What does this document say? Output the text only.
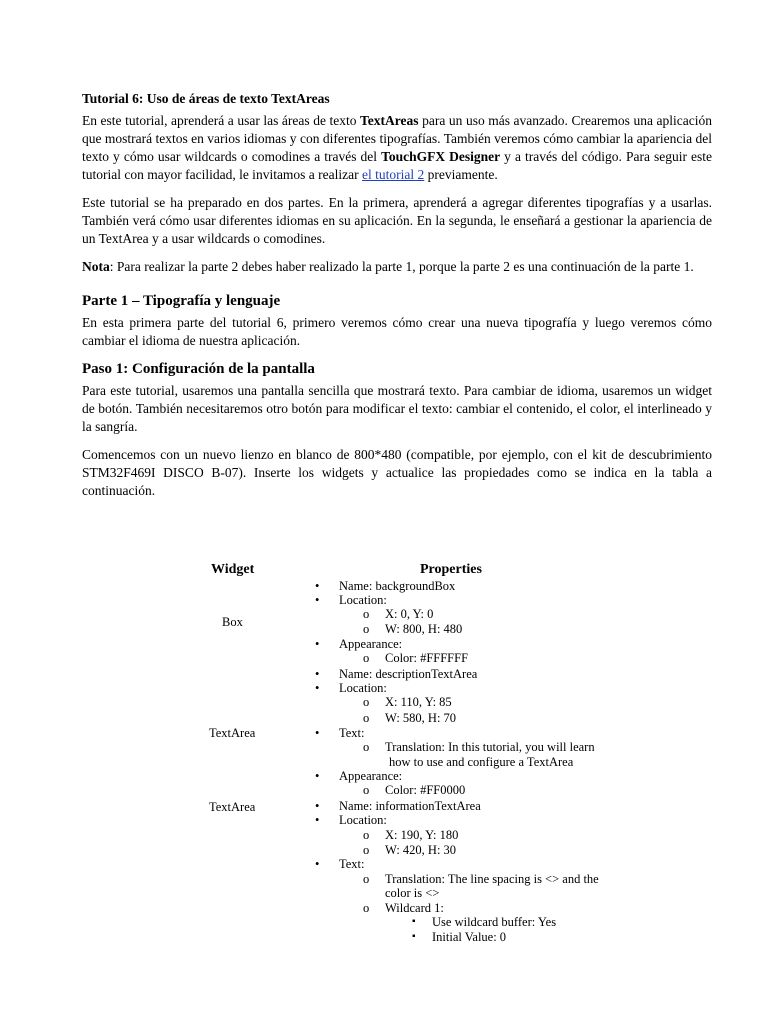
Tutorial 6: Uso de áreas de texto TextAreas

En este tutorial, aprenderá a usar las áreas de texto TextAreas para un uso más avanzado. Crearemos una aplicación que mostrará textos en varios idiomas y con diferentes tipografías. También veremos cómo cambiar la apariencia del texto y cómo usar wildcards o comodines a través del TouchGFX Designer y a través del código. Para seguir este tutorial con mayor facilidad, le invitamos a realizar el tutorial 2 previamente.

Este tutorial se ha preparado en dos partes. En la primera, aprenderá a agregar diferentes tipografías y a usarlas. También verá cómo usar diferentes idiomas en su aplicación. En la segunda, le enseñará a gestionar la apariencia de un TextArea y a usar wildcards o comodines.

Nota: Para realizar la parte 2 debes haber realizado la parte 1, porque la parte 2 es una continuación de la parte 1.

Parte 1 – Tipografía y lenguaje

En esta primera parte del tutorial 6, primero veremos cómo crear una nueva tipografía y luego veremos cómo cambiar el idioma de nuestra aplicación.

Paso 1: Configuración de la pantalla

Para este tutorial, usaremos una pantalla sencilla que mostrará texto. Para cambiar de idioma, usaremos un widget de botón. También necesitaremos otro botón para modificar el texto: cambiar el contenido, el color, el interlineado y la sangría.

Comencemos con un nuevo lienzo en blanco de 800*480 (compatible, por ejemplo, con el kit de descubrimiento STM32F469I DISCO B-07). Inserte los widgets y actualice las propiedades como se indica en la tabla a continuación.

Widget	Properties
Box
• Name: backgroundBox
• Location:
o X: 0, Y: 0
o W: 800, H: 480
• Appearance:
o Color: #FFFFFF
TextArea
• Name: descriptionTextArea
• Location:
o X: 110, Y: 85
o W: 580, H: 70
• Text:
o Translation: In this tutorial, you will learn
how to use and configure a TextArea
• Appearance:
o Color: #FF0000
TextArea
•	Name: informationTextArea
• Location:
o X: 190, Y: 180
o W: 420, H: 30
• Text:
o Translation: The line spacing is <> and the
color is <>
o Wildcard 1:
▪ Use wildcard buffer: Yes
▪ Initial Value: 0
